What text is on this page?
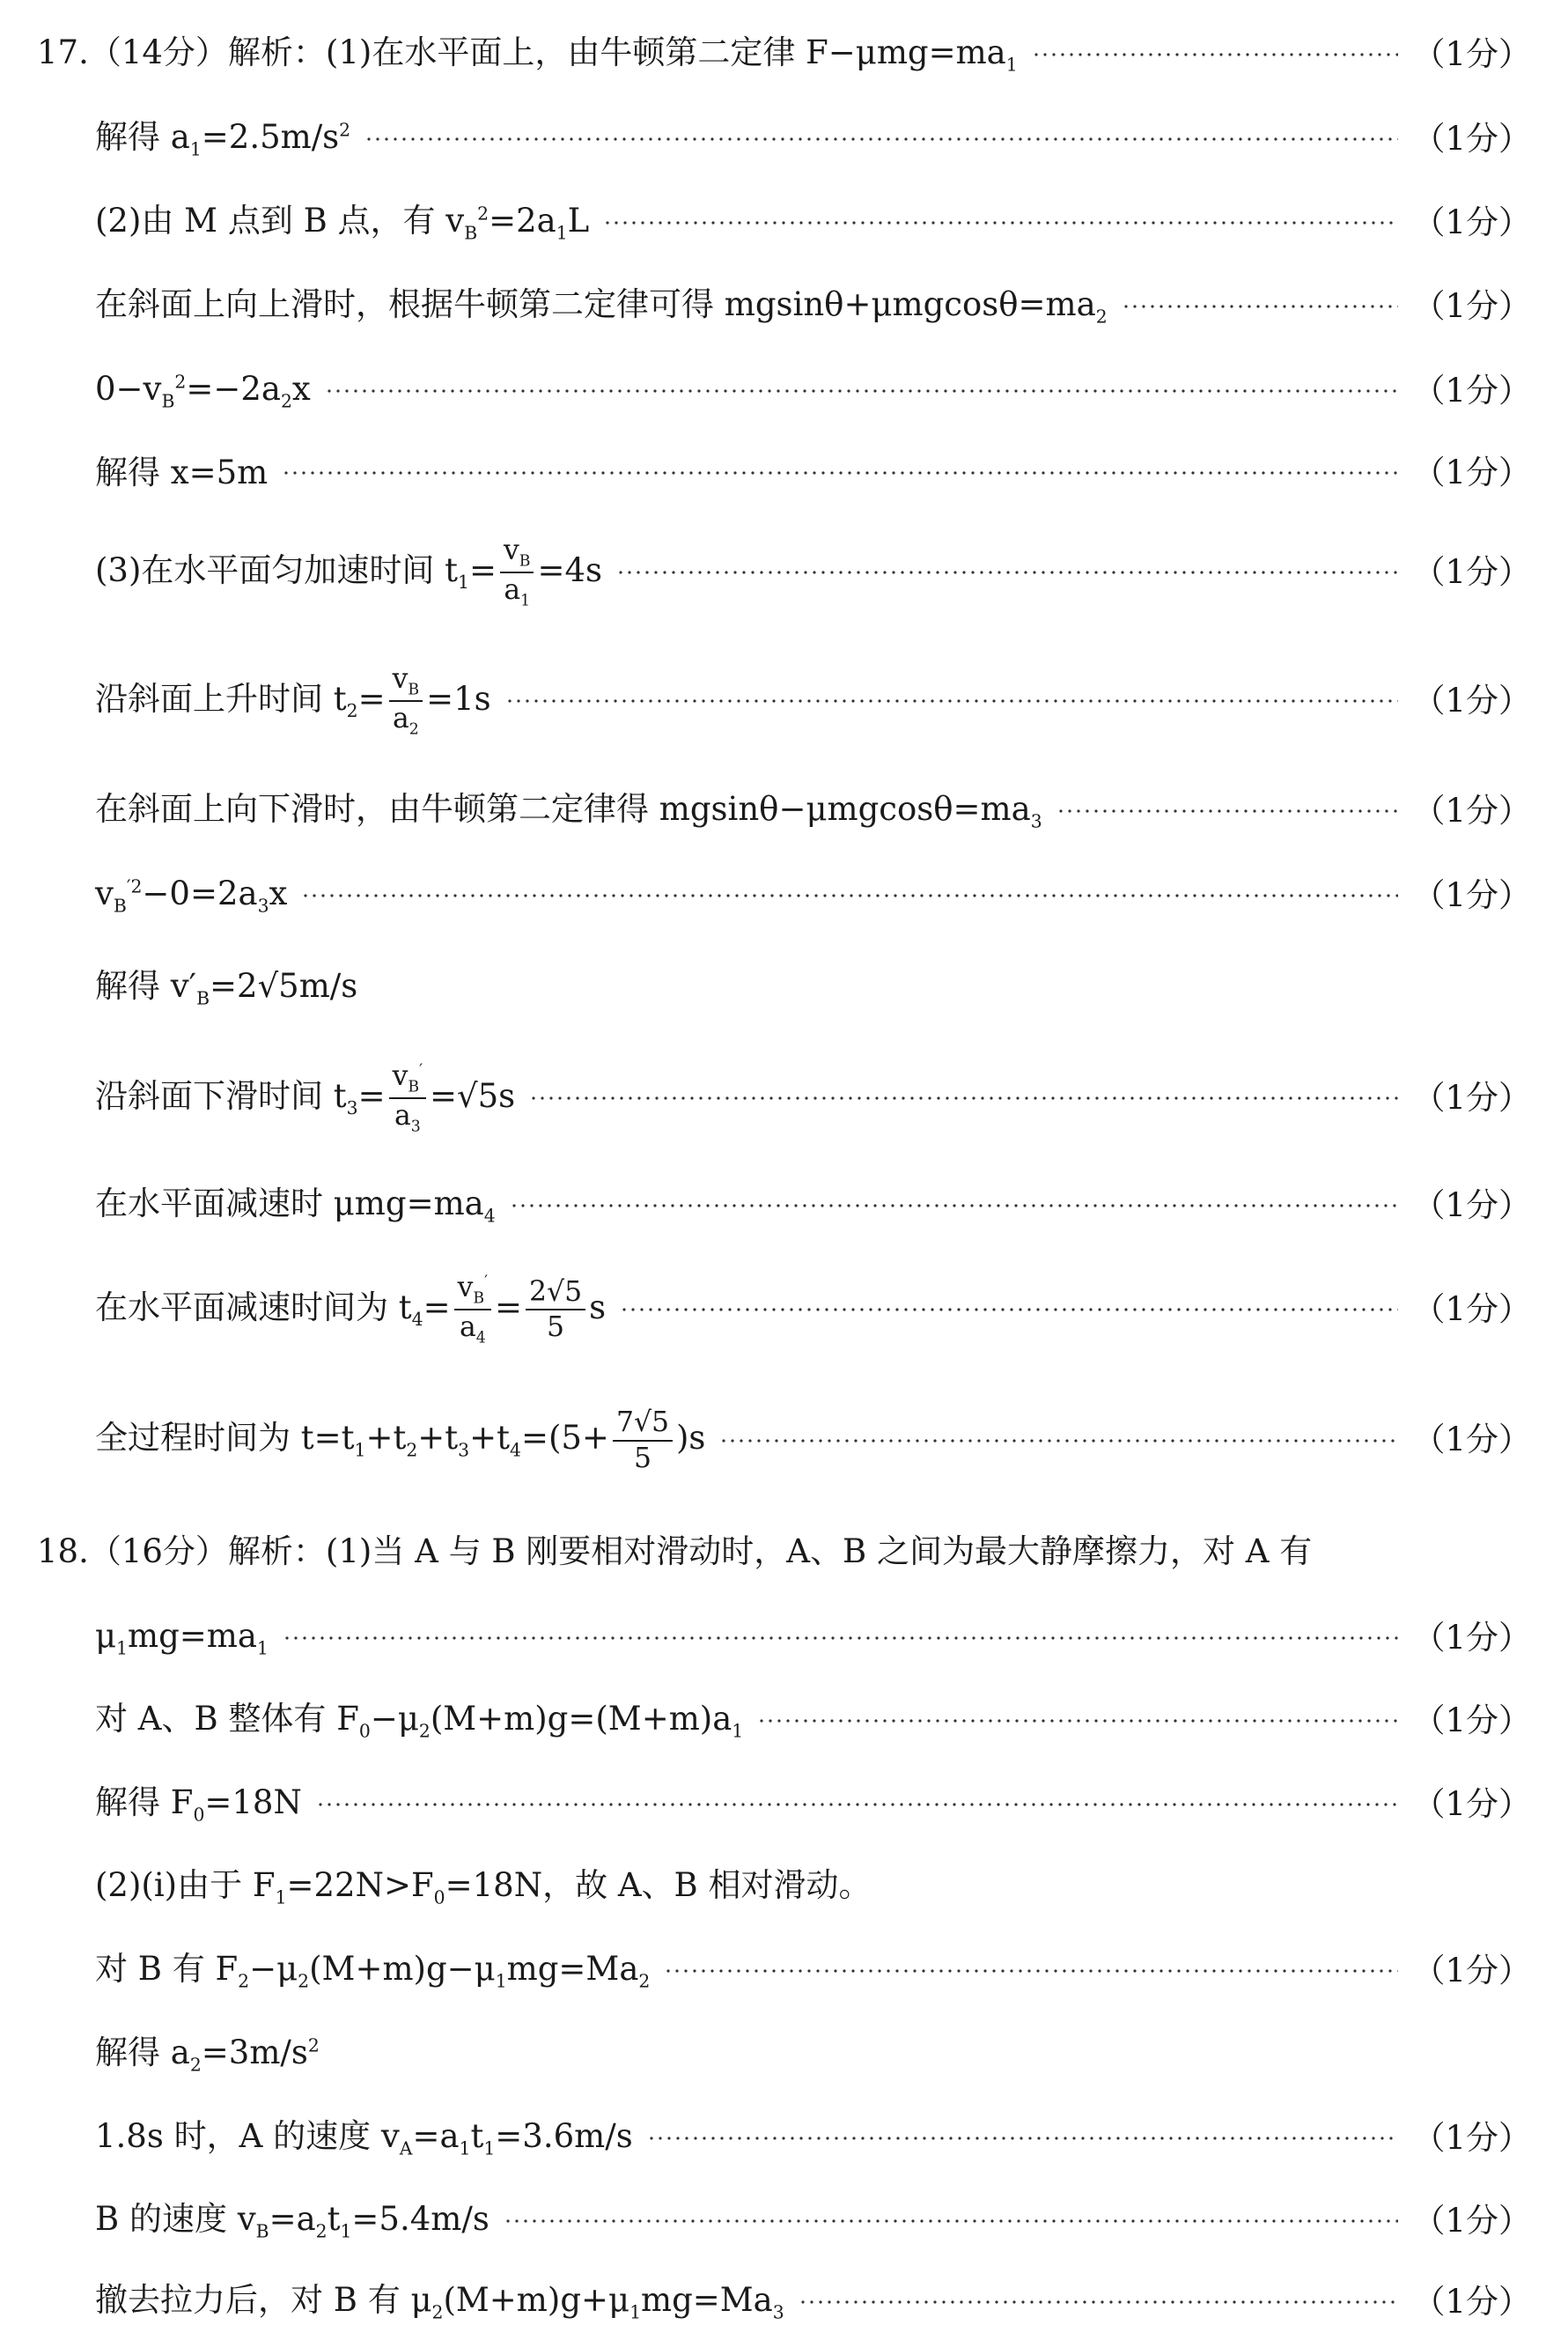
17.（14分）解析：(1)在水平面上，由牛顿第二定律 $F-\mu mg=ma_1$	（1分）
解得 $a_1=2.5m/s^2$	（1分）
(2)由 M 点到 B 点，有 $v_B^2=2a_1L$	（1分）
在斜面上向上滑时，根据牛顿第二定律可得 $mgsin\theta+\mu mgcos\theta=ma_2$	（1分）
$0-v_B^2=-2a_2x$	（1分）
解得 x=5m	（1分）
(3)在水平面匀加速时间 $t_1= \frac{v_B}{a_1} =4s$	（1分）
沿斜面上升时间 $t_2= \frac{v_B}{a_2} =1s$	（1分）
在斜面上向下滑时，由牛顿第二定律得 $mgsin\theta-\mu mgcos\theta=ma_3$	（1分）
$v_B^{'2}-0=2a_3x$	（1分）
解得 $v'_B=2√5m/s$
沿斜面下滑时间 $t_3= \frac{v_B'}{a_3} =√5s$	（1分）
在水平面减速时 $\mu mg=ma_4$	（1分）
在水平面减速时间为 $t_4= \frac{v_B'}{a_4} = \frac{2√5}{5}$ s	（1分）
全过程时间为 $t=t_1+t_2+t_3+t_4=(5+ \frac{7√5}{5} )s$	（1分）
18.（16分）解析：(1)当 A 与 B 刚要相对滑动时，A、B 之间为最大静摩擦力，对 A 有
$\mu_1mg=ma_1$	（1分）
对 A、B 整体有 $F_0-\mu_2(M+m)g=(M+m)a_1$	（1分）
解得 $F_0=18N$	（1分）
(2)(i)由于 $F_1=22N>F_0=18N$，故 A、B 相对滑动。
对 B 有 $F_2-\mu_2(M+m)g-\mu_1mg=Ma_2$	（1分）
解得 $a_2=3m/s^2$
1.8s 时，A 的速度 $v_A=a_1t_1=3.6m/s$	（1分）
B 的速度 $v_B=a_2t_1=5.4m/s$	（1分）
撤去拉力后，对 B 有 $\mu_2(M+m)g+\mu_1mg=Ma_3$	（1分）
